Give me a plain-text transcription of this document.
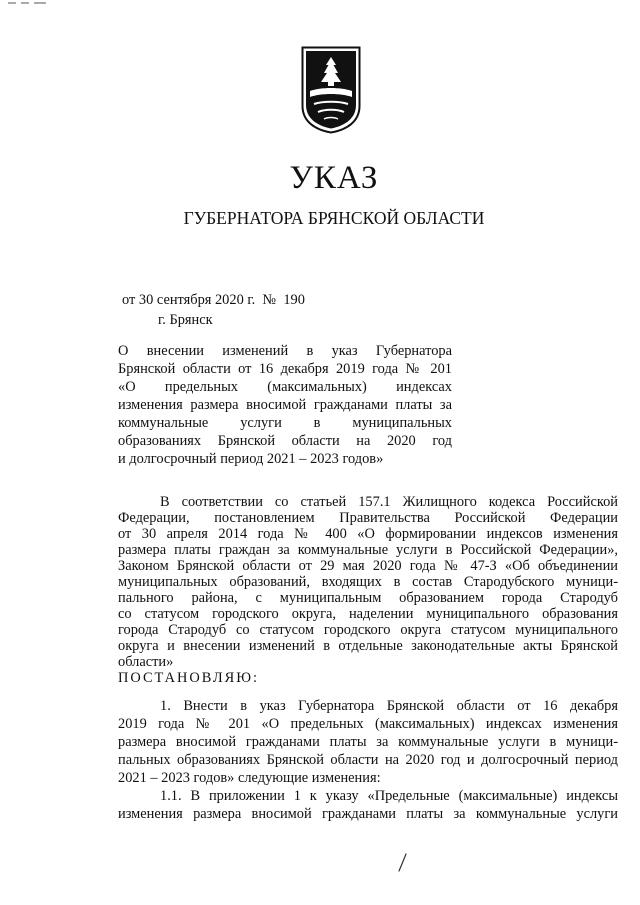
УКАЗ
ГУБЕРНАТОРА БРЯНСКОЙ ОБЛАСТИ
от 30 сентября 2020 г.  №  190
г. Брянск
О внесении изменений в указ Губернатора
Брянской области от 16 декабря 2019 года № 201
«О предельных (максимальных) индексах
изменения размера вносимой гражданами платы за
коммунальные услуги в муниципальных
образованиях Брянской области на 2020 год
и долгосрочный период 2021 – 2023 годов»
В соответствии со статьей 157.1 Жилищного кодекса Российской
Федерации, постановлением Правительства Российской Федерации
от 30 апреля 2014 года № 400 «О формировании индексов изменения
размера платы граждан за коммунальные услуги в Российской Федерации»,
Законом Брянской области от 29 мая 2020 года № 47-З «Об объединении
муниципальных образований, входящих в состав Стародубского муници-
пального района, с муниципальным образованием города Стародуб
со статусом городского округа, наделении муниципального образования
города Стародуб со статусом городского округа статусом муниципального
округа и внесении изменений в отдельные законодательные акты Брянской
области»
ПОСТАНОВЛЯЮ:
1. Внести в указ Губернатора Брянской области от 16 декабря
2019 года № 201 «О предельных (максимальных) индексах изменения
размера вносимой гражданами платы за коммунальные услуги в муници-
пальных образованиях Брянской области на 2020 год и долгосрочный период
2021 – 2023 годов» следующие изменения:
1.1. В приложении 1 к указу «Предельные (максимальные) индексы
изменения размера вносимой гражданами платы за коммунальные услуги
